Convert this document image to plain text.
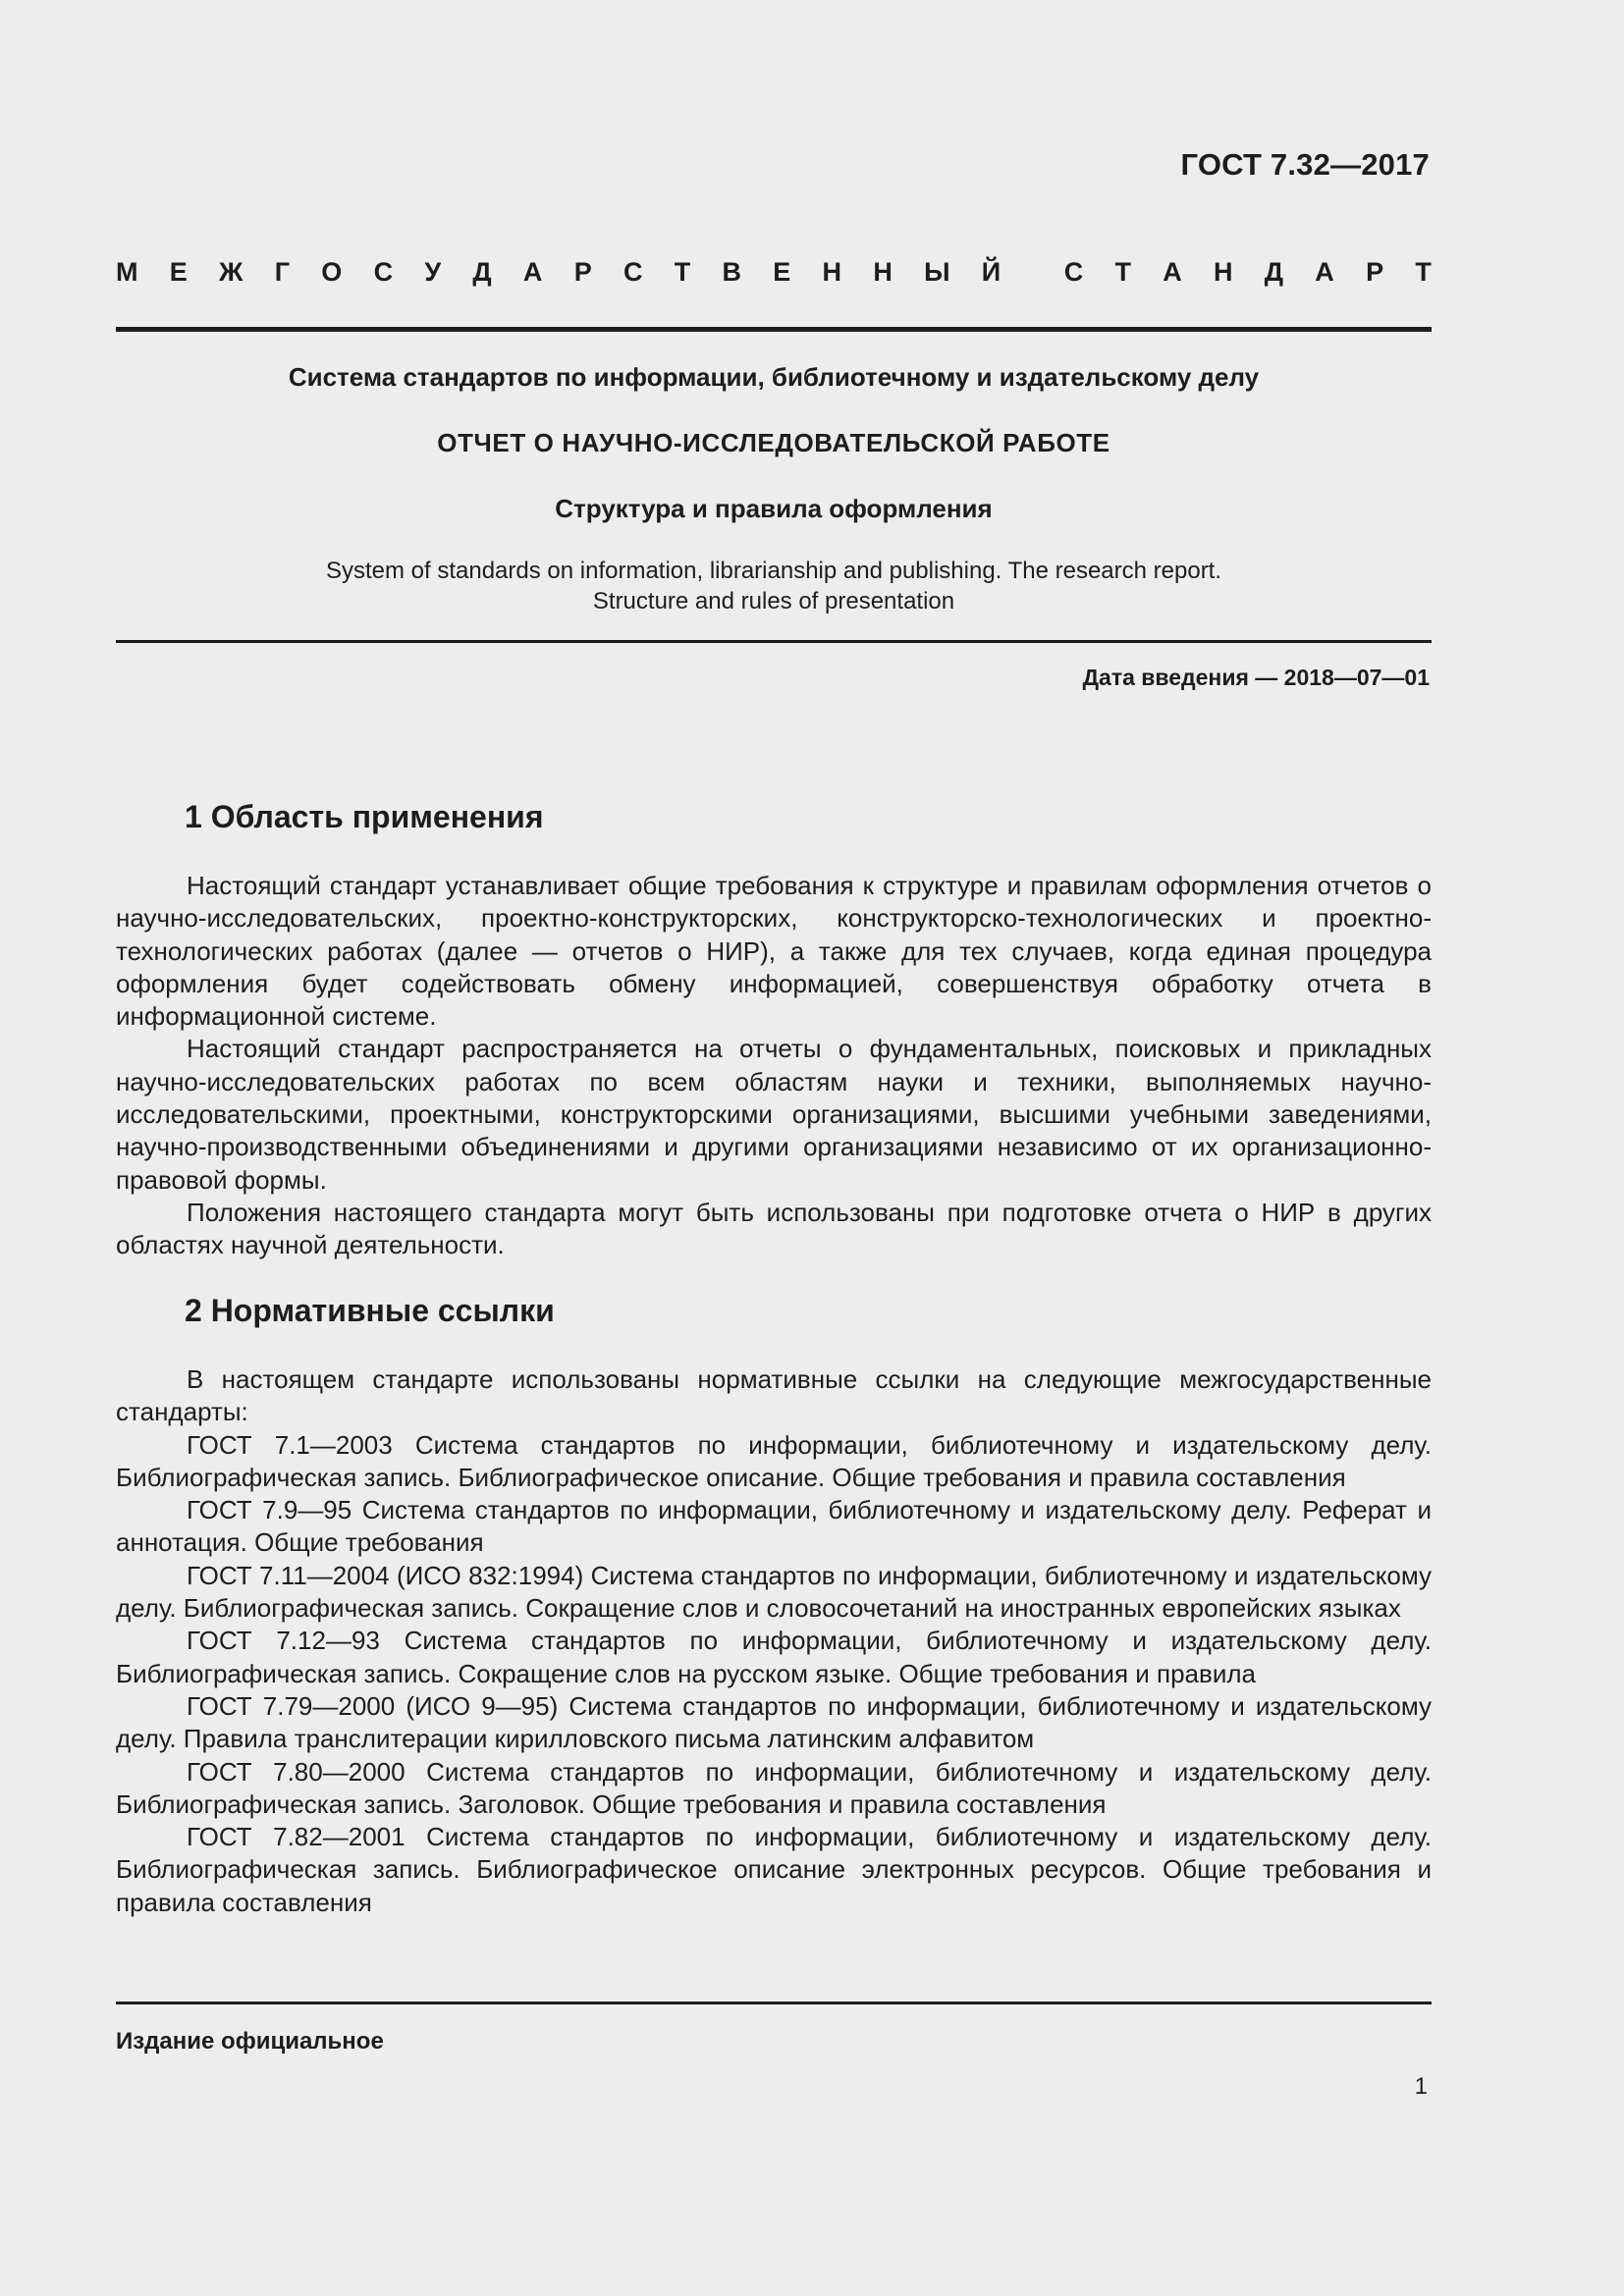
ГОСТ 7.32—2017
М Е Ж Г О С У Д А Р С Т В Е Н Н Ы Й С Т А Н Д А Р Т
Система стандартов по информации, библиотечному и издательскому делу
ОТЧЕТ О НАУЧНО-ИССЛЕДОВАТЕЛЬСКОЙ РАБОТЕ
Структура и правила оформления
System of standards on information, librarianship and publishing. The research report.
Structure and rules of presentation
Дата введения — 2018—07—01
1 Область применения

Настоящий стандарт устанавливает общие требования к структуре и правилам оформления отчетов о научно-исследовательских, проектно-конструкторских, конструкторско-технологических и проектно-технологических работах (далее — отчетов о НИР), а также для тех случаев, когда единая процедура оформления будет содействовать обмену информацией, совершенствуя обработку отчета в информационной системе.

Настоящий стандарт распространяется на отчеты о фундаментальных, поисковых и прикладных научно-исследовательских работах по всем областям науки и техники, выполняемых научно-исследовательскими, проектными, конструкторскими организациями, высшими учебными заведениями, научно-производственными объединениями и другими организациями независимо от их организационно-правовой формы.

Положения настоящего стандарта могут быть использованы при подготовке отчета о НИР в других областях научной деятельности.

2 Нормативные ссылки

В настоящем стандарте использованы нормативные ссылки на следующие межгосударственные стандарты:

ГОСТ 7.1—2003 Система стандартов по информации, библиотечному и издательскому делу. Библиографическая запись. Библиографическое описание. Общие требования и правила составления

ГОСТ 7.9—95 Система стандартов по информации, библиотечному и издательскому делу. Реферат и аннотация. Общие требования

ГОСТ 7.11—2004 (ИСО 832:1994) Система стандартов по информации, библиотечному и издательскому делу. Библиографическая запись. Сокращение слов и словосочетаний на иностранных европейских языках

ГОСТ 7.12—93 Система стандартов по информации, библиотечному и издательскому делу. Библиографическая запись. Сокращение слов на русском языке. Общие требования и правила

ГОСТ 7.79—2000 (ИСО 9—95) Система стандартов по информации, библиотечному и издательскому делу. Правила транслитерации кирилловского письма латинским алфавитом

ГОСТ 7.80—2000 Система стандартов по информации, библиотечному и издательскому делу. Библиографическая запись. Заголовок. Общие требования и правила составления

ГОСТ 7.82—2001 Система стандартов по информации, библиотечному и издательскому делу. Библиографическая запись. Библиографическое описание электронных ресурсов. Общие требования и правила составления

Издание официальное
1
